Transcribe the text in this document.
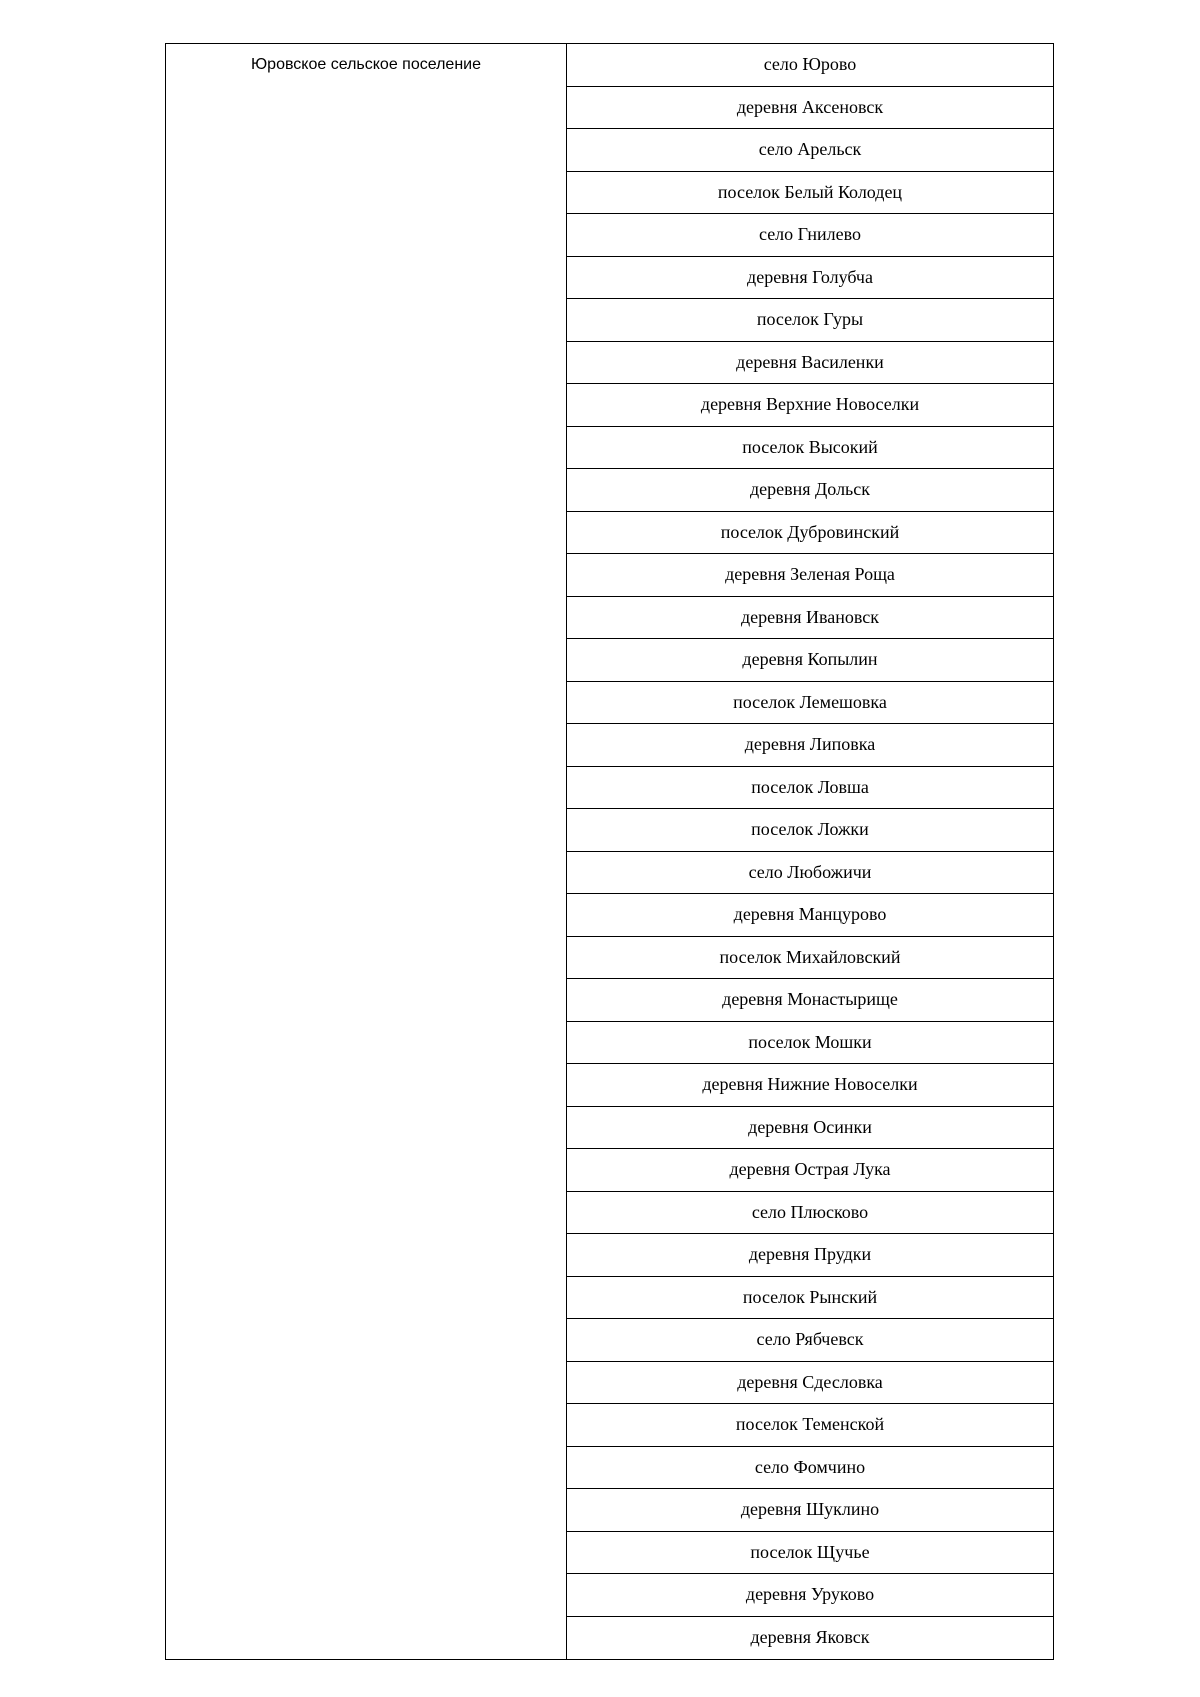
Юровское сельское поселение	село Юрово
деревня Аксеновск
село Арельск
поселок Белый Колодец
село Гнилево
деревня Голубча
поселок Гуры
деревня Василенки
деревня Верхние Новоселки
поселок Высокий
деревня Дольск
поселок Дубровинский
деревня Зеленая Роща
деревня Ивановск
деревня Копылин
поселок Лемешовка
деревня Липовка
поселок Ловша
поселок Ложки
село Любожичи
деревня Манцурово
поселок Михайловский
деревня Монастырище
поселок Мошки
деревня Нижние Новоселки
деревня Осинки
деревня Острая Лука
село Плюсково
деревня Прудки
поселок Рынский
село Рябчевск
деревня Сдесловка
поселок Теменской
село Фомчино
деревня Шуклино
поселок Щучье
деревня Уруково
деревня Яковск
